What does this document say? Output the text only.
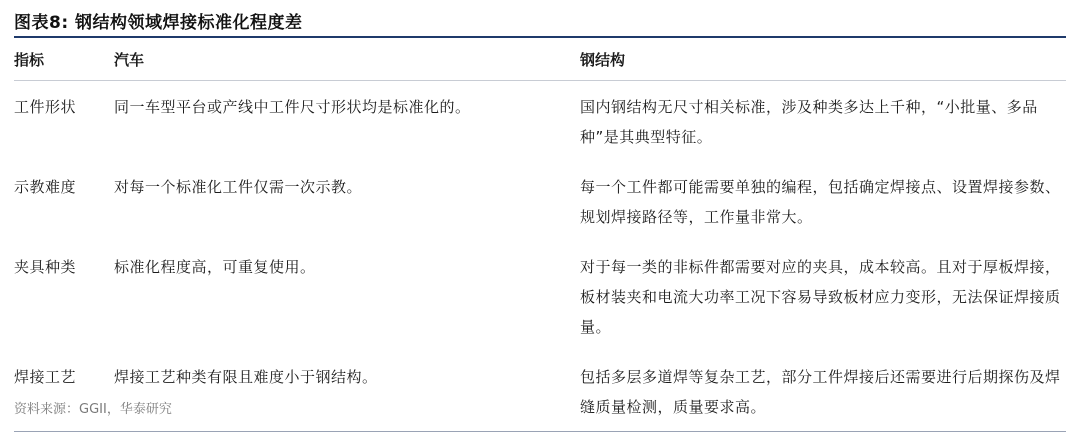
图表8: 钢结构领域焊接标准化程度差
指标	汽车	钢结构
工件形状	同一车型平台或产线中工件尺寸形状均是标准化的。	国内钢结构无尺寸相关标准，涉及种类多达上千种，“小批量、多品种”是其典型特征。
示教难度	对每一个标准化工件仅需一次示教。	每一个工件都可能需要单独的编程，包括确定焊接点、设置焊接参数、规划焊接路径等，工作量非常大。
夹具种类	标准化程度高，可重复使用。	对于每一类的非标件都需要对应的夹具，成本较高。且对于厚板焊接，板材装夹和电流大功率工况下容易导致板材应力变形，无法保证焊接质量。
焊接工艺	焊接工艺种类有限且难度小于钢结构。	包括多层多道焊等复杂工艺，部分工件焊接后还需要进行后期探伤及焊缝质量检测，质量要求高。
资料来源：GGII，华泰研究
